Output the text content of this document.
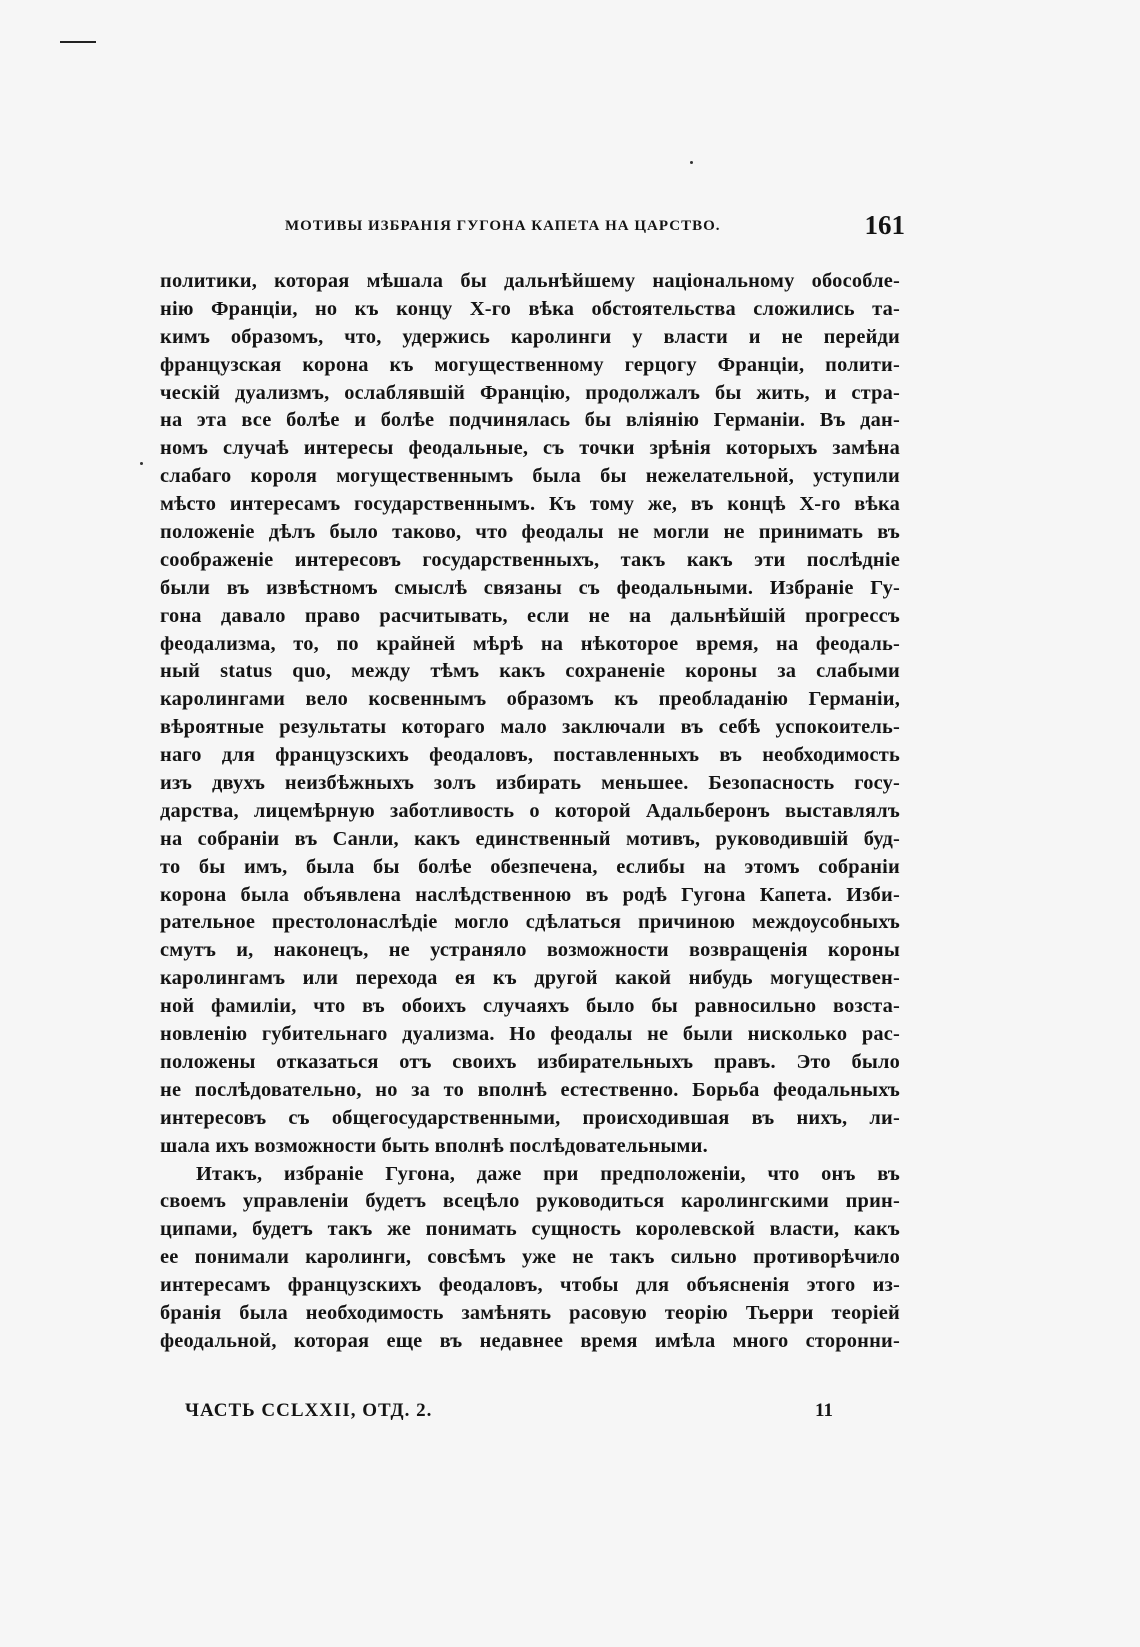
МОТИВЫ ИЗБРАНІЯ ГУГОНА КАПЕТА НА ЦАРСТВО.	161
политики, которая мѣшала бы дальнѣйшему національному обособле-
нію Франціи, но къ концу X-го вѣка обстоятельства сложились та-
кимъ образомъ, что, удержись каролинги у власти и не перейди
французская корона къ могущественному герцогу Франціи, полити-
ческій дуализмъ, ослаблявшій Францію, продолжалъ бы жить, и стра-
на эта все болѣе и болѣе подчинялась бы вліянію Германіи. Въ дан-
номъ случаѣ интересы феодальные, съ точки зрѣнія которыхъ замѣна
слабаго короля могущественнымъ была бы нежелательной, уступили
мѣсто интересамъ государственнымъ. Къ тому же, въ концѣ X-го вѣка
положеніе дѣлъ было таково, что феодалы не могли не принимать въ
соображеніе интересовъ государственныхъ, такъ какъ эти послѣдніе
были въ извѣстномъ смыслѣ связаны съ феодальными. Избраніе Гу-
гона давало право расчитывать, если не на дальнѣйшій прогрессъ
феодализма, то, по крайней мѣрѣ на нѣкоторое время, на феодаль-
ный status quo, между тѣмъ какъ сохраненіе короны за слабыми
каролингами вело косвеннымъ образомъ къ преобладанію Германіи,
вѣроятные результаты котораго мало заключали въ себѣ успокоитель-
наго для французскихъ феодаловъ, поставленныхъ въ необходимость
изъ двухъ неизбѣжныхъ золъ избирать меньшее. Безопасность госу-
дарства, лицемѣрную заботливость о которой Адальберонъ выставлялъ
на собраніи въ Санли, какъ единственный мотивъ, руководившій буд-
то бы имъ, была бы болѣе обезпечена, еслибы на этомъ собраніи
корона была объявлена наслѣдственною въ родѣ Гугона Капета. Изби-
рательное престолонаслѣдіе могло сдѣлаться причиною междоусобныхъ
смутъ и, наконецъ, не устраняло возможности возвращенія короны
каролингамъ или перехода ея къ другой какой нибудь могуществен-
ной фамиліи, что въ обоихъ случаяхъ было бы равносильно возста-
новленію губительнаго дуализма. Но феодалы не были нисколько рас-
положены отказаться отъ своихъ избирательныхъ правъ. Это было
не послѣдовательно, но за то вполнѣ естественно. Борьба феодальныхъ
интересовъ съ общегосударственными, происходившая въ нихъ, ли-
шала ихъ возможности быть вполнѣ послѣдовательными.
Итакъ, избраніе Гугона, даже при предположеніи, что онъ въ
своемъ управленіи будетъ всецѣло руководиться каролингскими прин-
ципами, будетъ такъ же понимать сущность королевской власти, какъ
ее понимали каролинги, совсѣмъ уже не такъ сильно противорѣчило
интересамъ французскихъ феодаловъ, чтобы для объясненія этого из-
бранія была необходимость замѣнять расовую теорію Тьерри теоріей
феодальной, которая еще въ недавнее время имѣла много сторонни-
ЧАСТЬ CCLXXII, ОТД. 2.	11
